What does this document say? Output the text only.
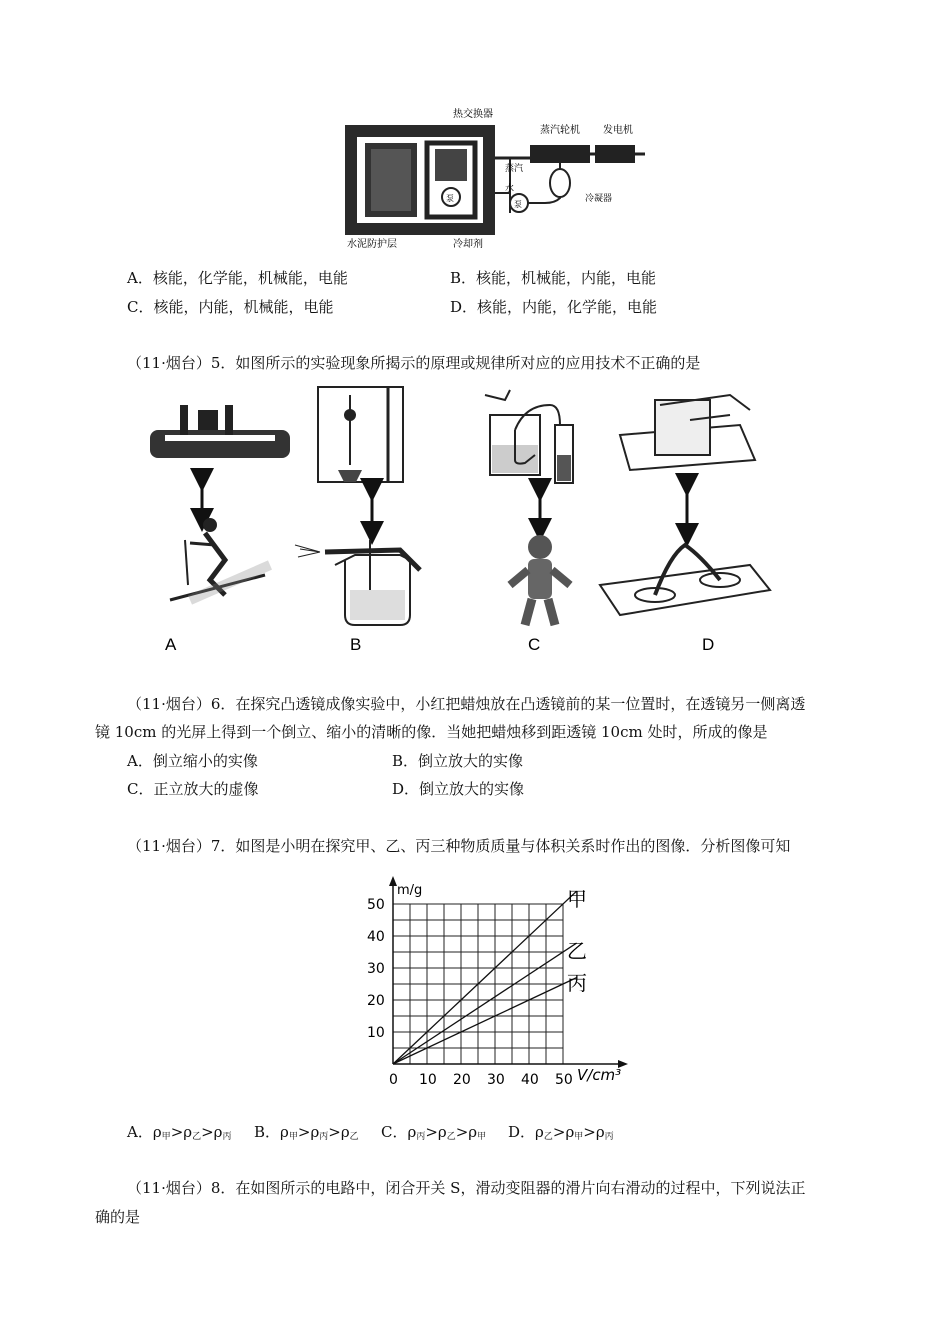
泵
泵
热交换器
蒸汽轮机 发电机
蒸汽
水
冷凝器
水泥防护层	冷却剂
A．核能，化学能，机械能，电能	B．核能，机械能，内能，电能
C．核能，内能，机械能，电能	D．核能，内能，化学能，电能
（11·烟台）5．如图所示的实验现象所揭示的原理或规律所对应的应用技术不正确的是
A	B	C	D
（11·烟台）6．在探究凸透镜成像实验中，小红把蜡烛放在凸透镜前的某一位置时，在透镜另一侧离透
镜 10cm 的光屏上得到一个倒立、缩小的清晰的像．当她把蜡烛移到距透镜 10cm 处时，所成的像是
A．倒立缩小的实像	B．倒立放大的实像
C．正立放大的虚像	D．倒立放大的实像
（11·烟台）7．如图是小明在探究甲、乙、丙三种物质质量与体积关系时作出的图像．分析图像可知
甲
乙
丙
0 10 20 30 40 50
10
20
30
40
50
m/g
V/cm³
A．$\rho_甲>\rho_乙>\rho_丙$ B．$\rho_甲>\rho_丙>\rho_乙$ C．$\rho_丙>\rho_乙>\rho_甲$ D．$\rho_乙>\rho_甲>\rho_丙$
（11·烟台）8．在如图所示的电路中，闭合开关 S，滑动变阻器的滑片向右滑动的过程中，下列说法正
确的是
